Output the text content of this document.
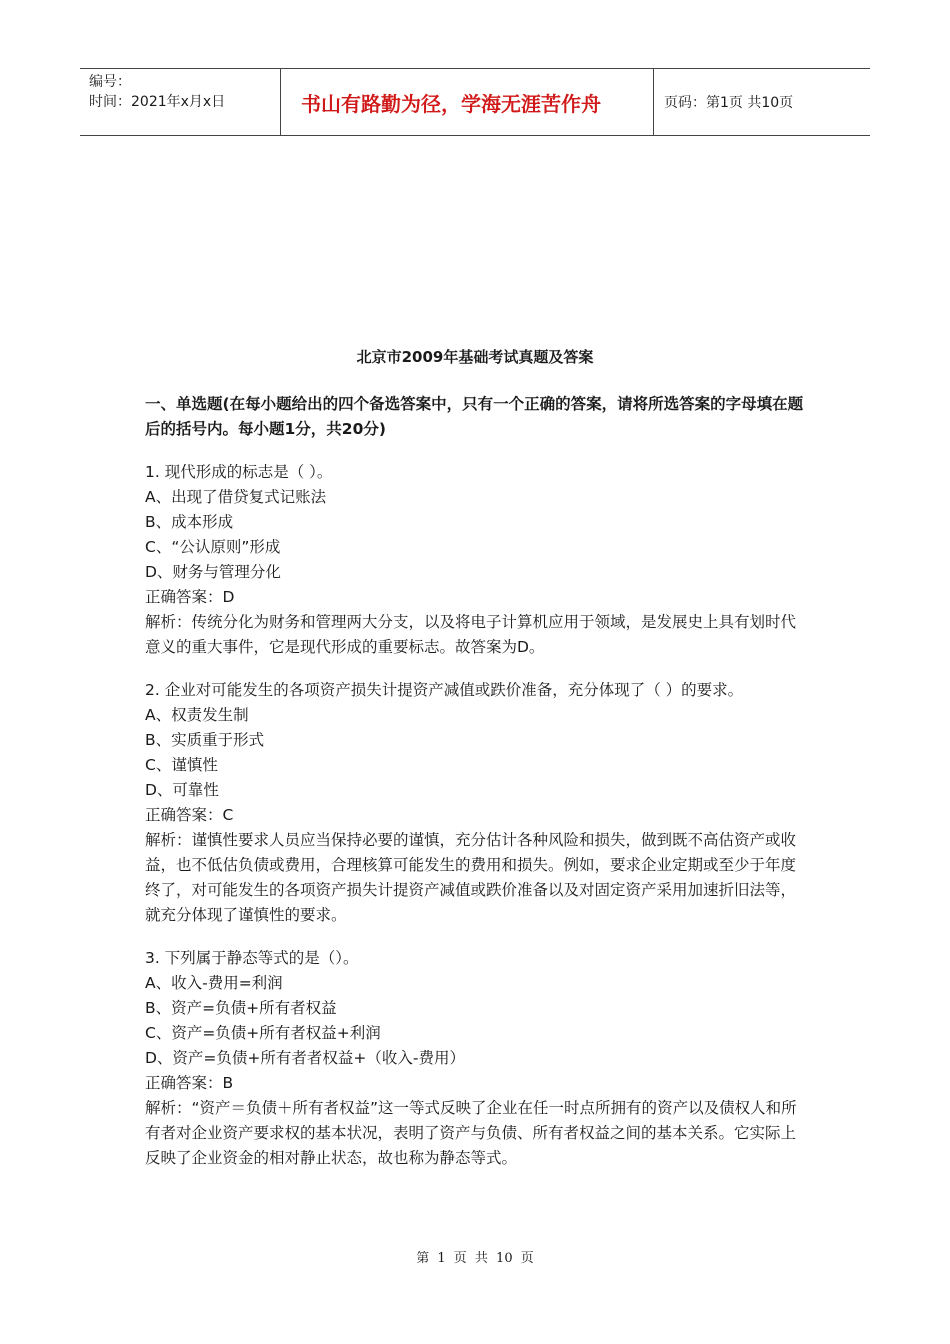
编号：
时间：2021年x月x日	书山有路勤为径，学海无涯苦作舟	页码：第1页 共10页
北京市2009年基础考试真题及答案
一、单选题(在每小题给出的四个备选答案中，只有一个正确的答案，请将所选答案的字母填在题后的括号内。每小题1分，共20分)
1. 现代形成的标志是（ ）。
A、出现了借贷复式记账法
B、成本形成
C、“公认原则”形成
D、财务与管理分化
正确答案：D
解析：传统分化为财务和管理两大分支，以及将电子计算机应用于领域，是发展史上具有划时代意义的重大事件，它是现代形成的重要标志。故答案为D。
2. 企业对可能发生的各项资产损失计提资产减值或跌价准备，充分体现了（ ）的要求。
A、权责发生制
B、实质重于形式
C、谨慎性
D、可靠性
正确答案：C
解析：谨慎性要求人员应当保持必要的谨慎，充分估计各种风险和损失，做到既不高估资产或收益，也不低估负债或费用，合理核算可能发生的费用和损失。例如，要求企业定期或至少于年度终了，对可能发生的各项资产损失计提资产减值或跌价准备以及对固定资产采用加速折旧法等，就充分体现了谨慎性的要求。
3. 下列属于静态等式的是（）。
A、收入-费用=利润
B、资产=负债+所有者权益
C、资产=负债+所有者权益+利润
D、资产=负债+所有者者权益+（收入-费用）
正确答案：B
解析：“资产＝负债＋所有者权益”这一等式反映了企业在任一时点所拥有的资产以及债权人和所有者对企业资产要求权的基本状况，表明了资产与负债、所有者权益之间的基本关系。它实际上反映了企业资金的相对静止状态，故也称为静态等式。
第 1 页 共 10 页
